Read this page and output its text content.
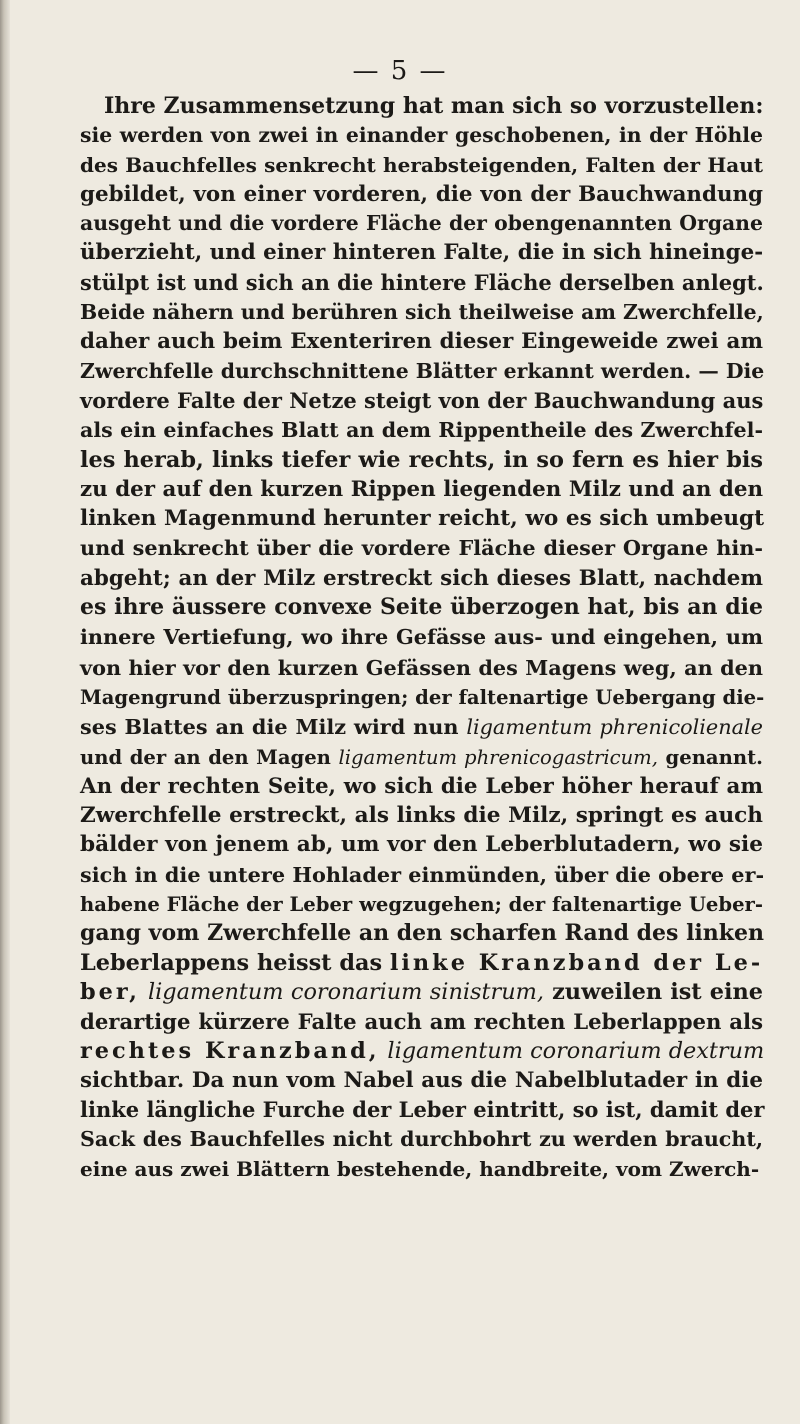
— 5 —
Ihre Zusammensetzung hat man sich so vorzustellen:
sie werden von zwei in einander geschobenen, in der Höhle
des Bauchfelles senkrecht herabsteigenden, Falten der Haut
gebildet, von einer vorderen, die von der Bauchwandung
ausgeht und die vordere Fläche der obengenannten Organe
überzieht, und einer hinteren Falte, die in sich hineinge-
stülpt ist und sich an die hintere Fläche derselben anlegt.
Beide nähern und berühren sich theilweise am Zwerchfelle,
daher auch beim Exenteriren dieser Eingeweide zwei am
Zwerchfelle durchschnittene Blätter erkannt werden. — Die
vordere Falte der Netze steigt von der Bauchwandung aus
als ein einfaches Blatt an dem Rippentheile des Zwerchfel-
les herab, links tiefer wie rechts, in so fern es hier bis
zu der auf den kurzen Rippen liegenden Milz und an den
linken Magenmund herunter reicht, wo es sich umbeugt
und senkrecht über die vordere Fläche dieser Organe hin-
abgeht; an der Milz erstreckt sich dieses Blatt, nachdem
es ihre äussere convexe Seite überzogen hat, bis an die
innere Vertiefung, wo ihre Gefässe aus- und eingehen, um
von hier vor den kurzen Gefässen des Magens weg, an den
Magengrund überzuspringen; der faltenartige Uebergang die-
ses Blattes an die Milz wird nun ligamentum phrenicolienale
und der an den Magen ligamentum phrenicogastricum, genannt.
An der rechten Seite, wo sich die Leber höher herauf am
Zwerchfelle erstreckt, als links die Milz, springt es auch
bälder von jenem ab, um vor den Leberblutadern, wo sie
sich in die untere Hohlader einmünden, über die obere er-
habene Fläche der Leber wegzugehen; der faltenartige Ueber-
gang vom Zwerchfelle an den scharfen Rand des linken
Leberlappens heisst das linke Kranzband der Le-
ber, ligamentum coronarium sinistrum, zuweilen ist eine
derartige kürzere Falte auch am rechten Leberlappen als
rechtes Kranzband, ligamentum coronarium dextrum
sichtbar. Da nun vom Nabel aus die Nabelblutader in die
linke längliche Furche der Leber eintritt, so ist, damit der
Sack des Bauchfelles nicht durchbohrt zu werden braucht,
eine aus zwei Blättern bestehende, handbreite, vom Zwerch-
